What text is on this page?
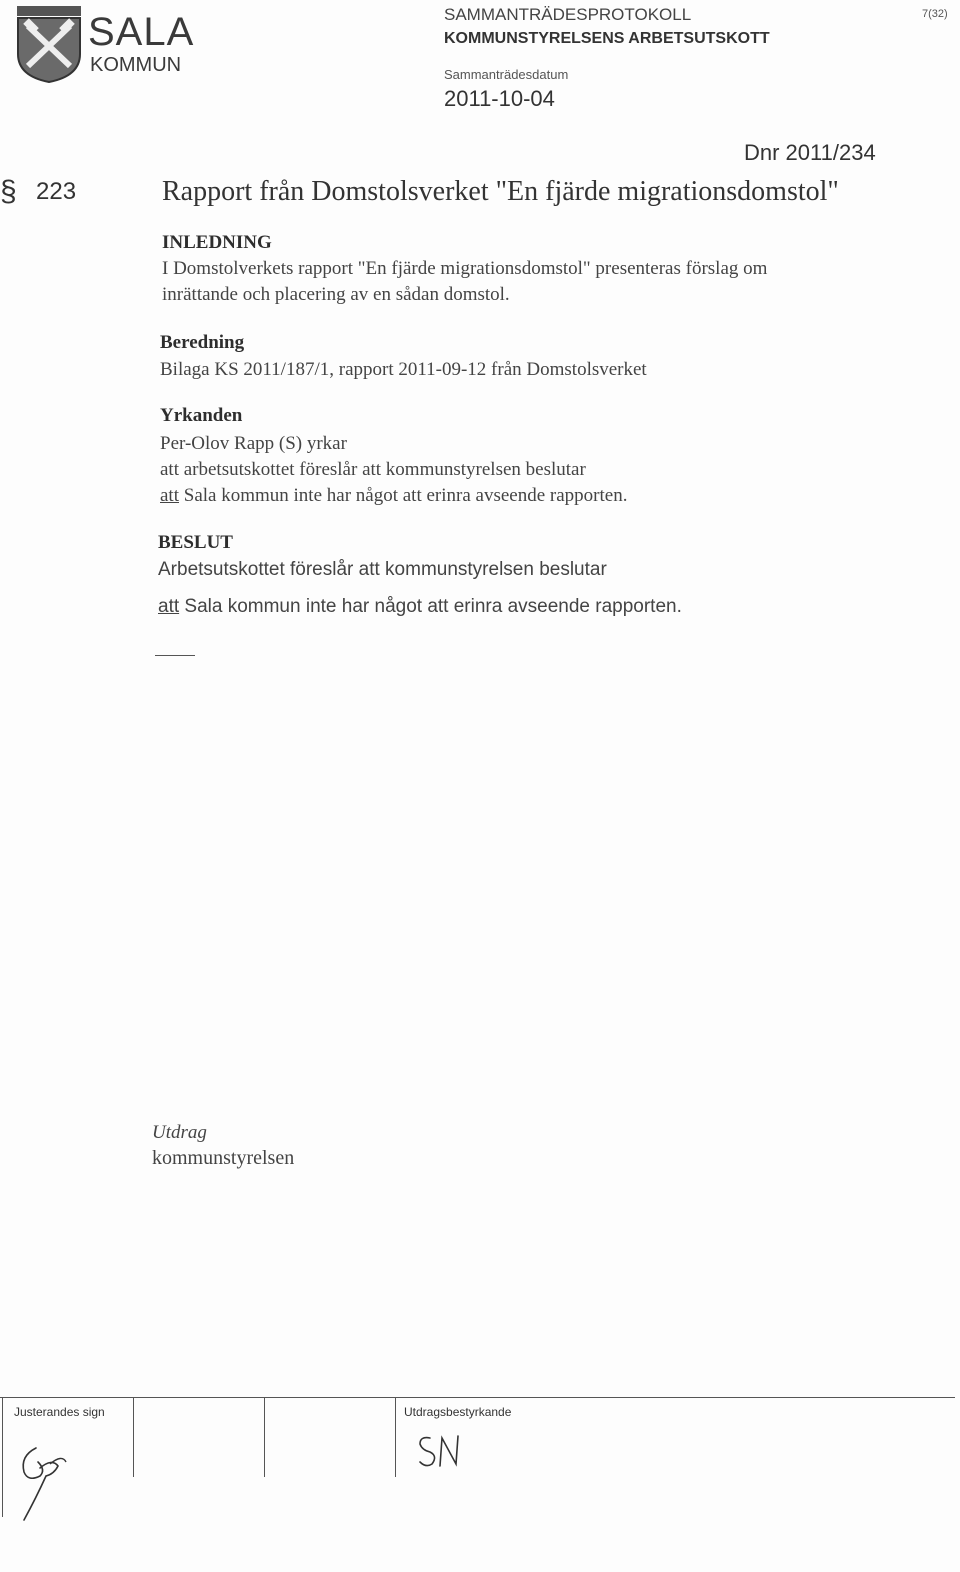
SALA
KOMMUN
SAMMANTRÄDESPROTOKOLL
KOMMUNSTYRELSENS ARBETSUTSKOTT
Sammanträdesdatum
2011-10-04
7(32)
Dnr 2011/234
§ 223	Rapport från Domstolsverket "En fjärde migrationsdomstol"
INLEDNING
I Domstolverkets rapport "En fjärde migrationsdomstol" presenteras förslag om
inrättande och placering av en sådan domstol.
Beredning
Bilaga KS 2011/187/1, rapport 2011-09-12 från Domstolsverket
Yrkanden
Per-Olov Rapp (S) yrkar
att arbetsutskottet föreslår att kommunstyrelsen beslutar
att Sala kommun inte har något att erinra avseende rapporten.
BESLUT
Arbetsutskottet föreslår att kommunstyrelsen beslutar
att Sala kommun inte har något att erinra avseende rapporten.
Utdrag
kommunstyrelsen
Justerandes sign	Utdragsbestyrkande
